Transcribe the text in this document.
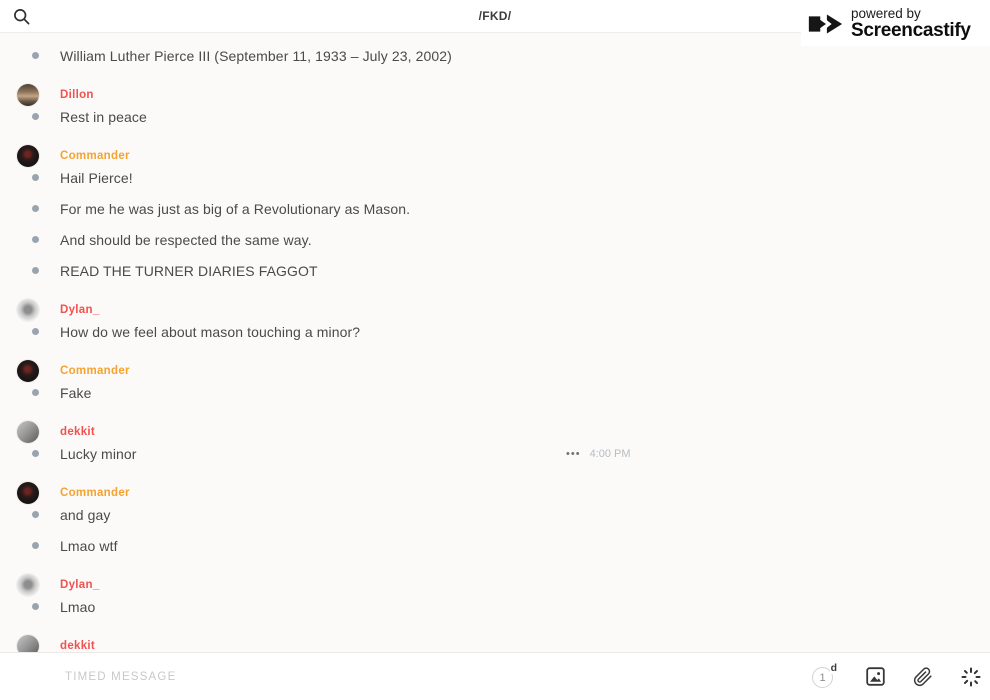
/FKD/	powered by
Screencastify
William Luther Pierce III (September 11, 1933 – July 23, 2002)
Dillon
Rest in peace
Commander
Hail Pierce!
For me he was just as big of a Revolutionary as Mason.
And should be respected the same way.
READ THE TURNER DIARIES FAGGOT
Dylan_
How do we feel about mason touching a minor?
Commander
Fake
dekkit
Lucky minor	••• 4:00 PM
Commander
and gay
Lmao wtf
Dylan_
Lmao
dekkit
TIMED MESSAGE
1
d
